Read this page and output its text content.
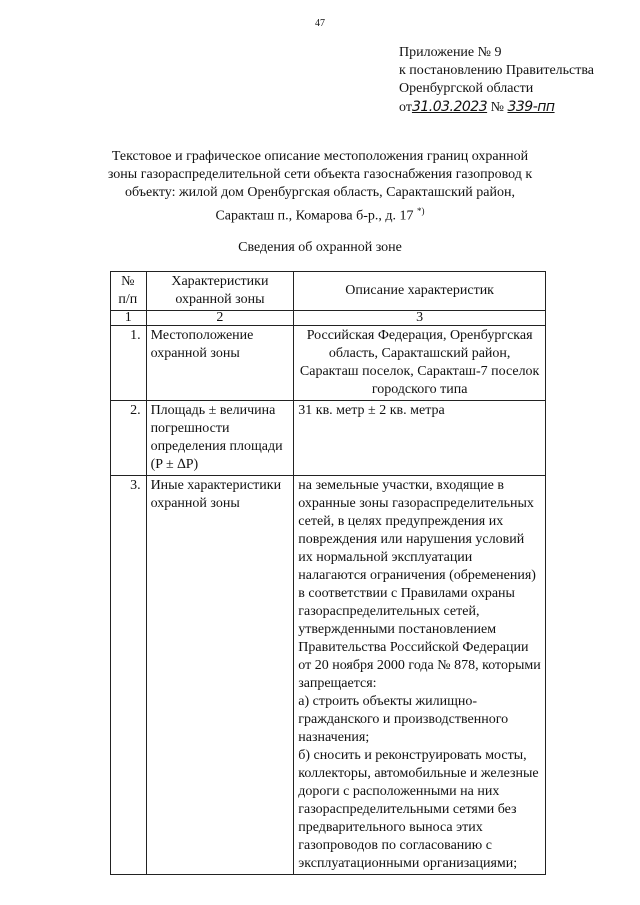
47
Приложение № 9
к постановлению Правительства
Оренбургской области
от31.03.2023 № 339-пп
Текстовое и графическое описание местоположения границ охранной зоны газораспределительной сети объекта газоснабжения газопровод к объекту: жилой дом Оренбургская область, Саракташский район, Саракташ п., Комарова б-р., д. 17 *)
Сведения об охранной зоне
№ п/п	Характеристики охранной зоны	Описание характеристик
1	2	3
1.	Местоположение охранной зоны	Российская Федерация, Оренбургская область, Саракташский район, Саракташ поселок, Саракташ-7 поселок городского типа

2.	Площадь ± величина погрешности определения площади (P ± ∆P)	31 кв. метр ± 2 кв. метра

3.	Иные характеристики охранной зоны	на земельные участки, входящие в охранные зоны газораспределительных сетей, в целях предупреждения их повреждения или нарушения условий их нормальной эксплуатации налагаются ограничения (обременения) в соответствии с Правилами охраны газораспределительных сетей, утвержденными постановлением Правительства Российской Федерации от 20 ноября 2000 года № 878, которыми запрещается:

а) строить объекты жилищно-гражданского и производственного назначения;

б) сносить и реконструировать мосты, коллекторы, автомобильные и железные дороги с расположенными на них газораспределительными сетями без предварительного выноса этих газопроводов по согласованию с эксплуатационными организациями;
